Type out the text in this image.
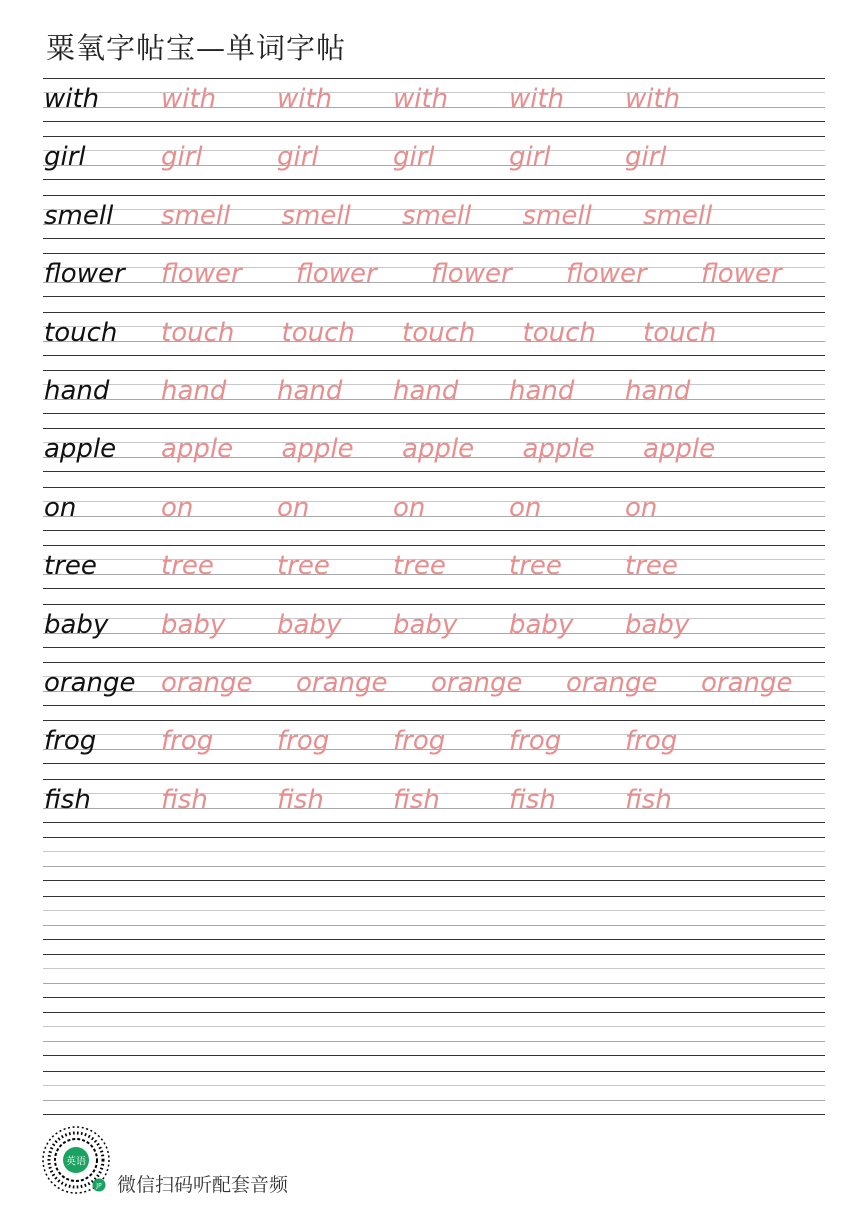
粟氧字帖宝—单词字帖
with with with with with with
girl	girl	girl	girl	girl	girl
smell smell smell smell smell smell
flower flower flower flower flower flower
touch touch touch touch touch touch
hand hand hand hand hand hand
apple apple apple apple apple apple
on	on	on	on	on	on
tree tree tree tree tree tree
baby baby baby baby baby baby
orange orange orange orange orange orange
frog frog frog frog frog frog
fish	fish	fish	fish	fish	fish
英语
JP 微信扫码听配套音频
